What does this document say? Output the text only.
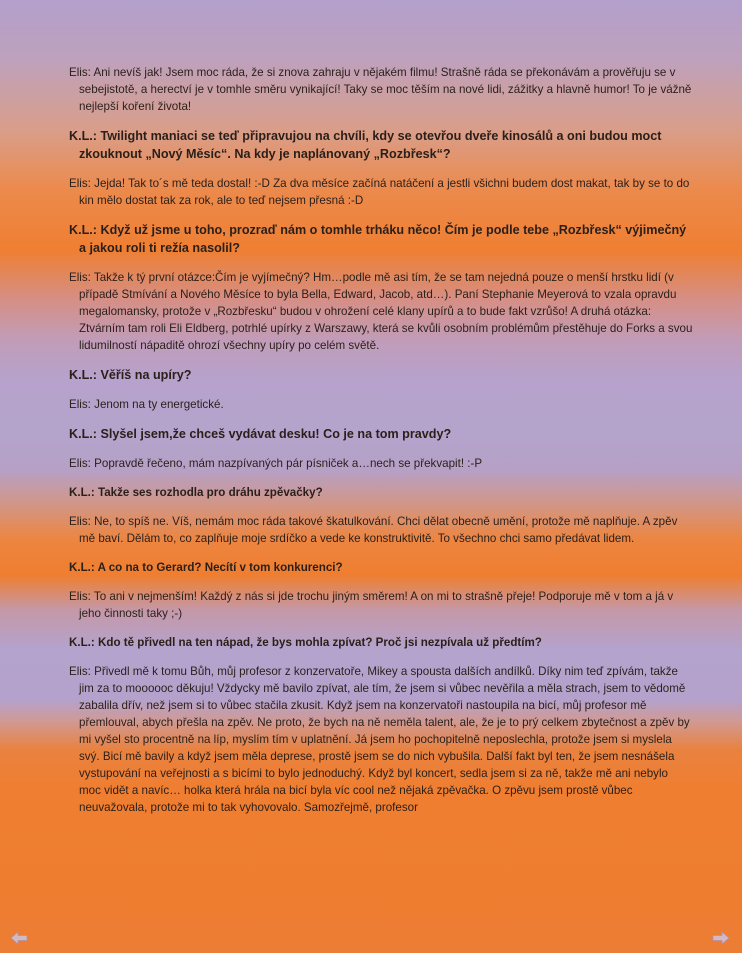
Elis: Ani nevíš jak! Jsem moc ráda, že si znova zahraju v nějakém filmu! Strašně ráda se překonávám a prověřuju se v sebejistotě, a herectví je v tomhle směru vynikající! Taky se moc těším na nové lidi, zážitky a hlavně humor! To je vážně nejlepší koření života!

K.L.: Twilight maniaci se teď připravujou na chvíli, kdy se otevřou dveře kinosálů a oni budou moct zkouknout „Nový Měsíc“. Na kdy je naplánovaný „Rozbřesk“?

Elis: Jejda! Tak to´s mě teda dostal! :-D Za dva měsíce začíná natáčení a jestli všichni budem dost makat, tak by se to do kin mělo dostat tak za rok, ale to teď nejsem přesná :-D

K.L.: Když už jsme u toho, prozraď nám o tomhle trháku něco! Čím je podle tebe „Rozbřesk“ výjimečný a jakou roli ti režía nasolil?

Elis: Takže k tý první otázce:Čím je vyjímečný? Hm…podle mě asi tím, že se tam nejedná pouze o menší hrstku lidí (v případě Stmívání a Nového Měsíce to byla Bella, Edward, Jacob, atd…). Paní Stephanie Meyerová to vzala opravdu megalomansky, protože v „Rozbřesku“ budou v ohrožení celé klany upírů a to bude fakt vzrůšo! A druhá otázka: Ztvárním tam roli Eli Eldberg, potrhlé upírky z Warszawy, která se kvůli osobním problémům přestěhuje do Forks a svou lidumilností nápaditě ohrozí všechny upíry po celém světě.

K.L.: Věříš na upíry?

Elis: Jenom na ty energetické.

K.L.: Slyšel jsem,že chceš vydávat desku! Co je na tom pravdy?

Elis: Popravdě řečeno, mám nazpívaných pár písniček a…nech se překvapit! :-P

K.L.: Takže ses rozhodla pro dráhu zpěvačky?

Elis: Ne, to spíš ne. Víš, nemám moc ráda takové škatulkování. Chci dělat obecně umění, protože mě naplňuje. A zpěv mě baví. Dělám to, co zaplňuje moje srdíčko a vede ke konstruktivitě. To všechno chci samo předávat lidem.

K.L.: A co na to Gerard? Necítí v tom konkurenci?

Elis: To ani v nejmenším! Každý z nás si jde trochu jiným směrem! A on mi to strašně přeje! Podporuje mě v tom a já v jeho činnosti taky ;-)

K.L.: Kdo tě přivedl na ten nápad, že bys mohla zpívat? Proč jsi nezpívala už předtím?

Elis: Přivedl mě k tomu Bůh, můj profesor z konzervatoře, Mikey a spousta dalších andílků. Díky nim teď zpívám, takže jim za to moooooc děkuju! Vždycky mě bavilo zpívat, ale tím, že jsem si vůbec nevěřila a měla strach, jsem to vědomě zabalila dřív, než jsem si to vůbec stačila zkusit. Když jsem na konzervatoři nastoupila na bicí, můj profesor mě přemlouval, abych přešla na zpěv. Ne proto, že bych na ně neměla talent, ale, že je to prý celkem zbytečnost a zpěv by mi vyšel sto procentně na líp, myslím tím v uplatnění. Já jsem ho pochopitelně neposlechla, protože jsem si myslela svý. Bicí mě bavily a když jsem měla deprese, prostě jsem se do nich vybušila. Další fakt byl ten, že jsem nesnášela vystupování na veřejnosti a s bicími to bylo jednoduchý. Když byl koncert, sedla jsem si za ně, takže mě ani nebylo moc vidět a navíc… holka která hrála na bicí byla víc cool než nějaká zpěvačka. O zpěvu jsem prostě vůbec neuvažovala, protože mi to tak vyhovovalo. Samozřejmě, profesor
